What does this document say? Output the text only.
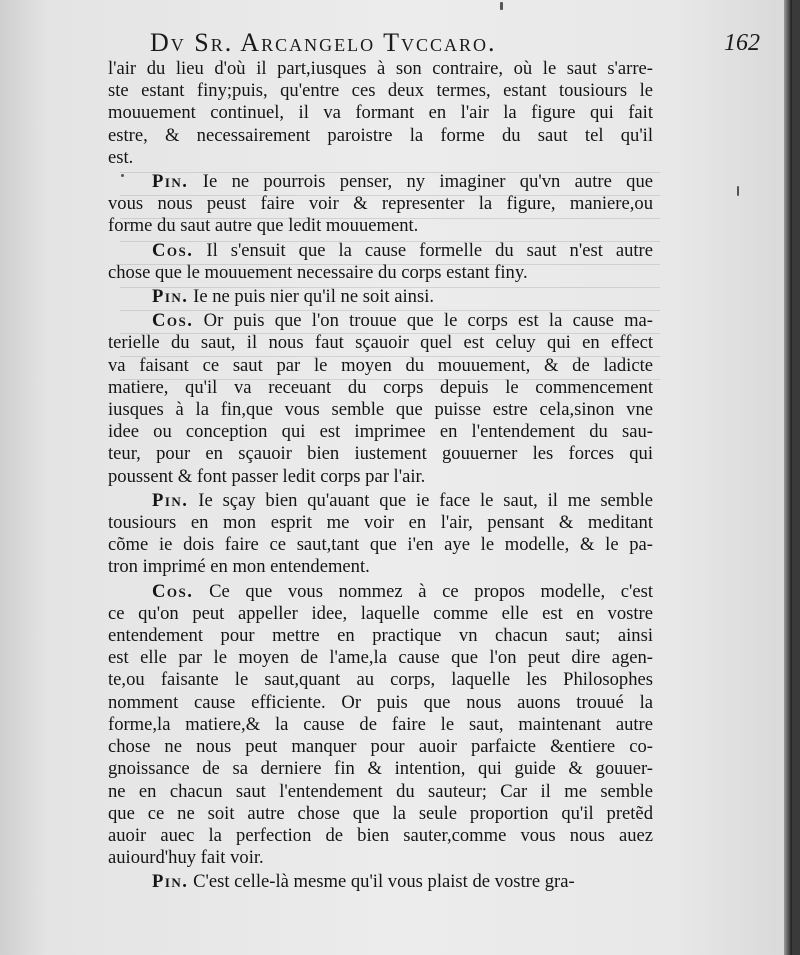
Dv Sr. Arcangelo Tvccaro.	162
l'air du lieu d'où il part,iusques à son contraire, où le saut s'arre-
ste estant finy;puis, qu'entre ces deux termes, estant tousiours le
mouuement continuel, il va formant en l'air la figure qui fait
estre, & necessairement paroistre la forme du saut tel qu'il
est.
Pin. Ie ne pourrois penser, ny imaginer qu'vn autre que
vous nous peust faire voir & representer la figure, maniere,ou
forme du saut autre que ledit mouuement.
Cos. Il s'ensuit que la cause formelle du saut n'est autre
chose que le mouuement necessaire du corps estant finy.
Pin. Ie ne puis nier qu'il ne soit ainsi.
Cos. Or puis que l'on trouue que le corps est la cause ma-
terielle du saut, il nous faut sçauoir quel est celuy qui en effect
va faisant ce saut par le moyen du mouuement, & de ladicte
matiere, qu'il va receuant du corps depuis le commencement
iusques à la fin,que vous semble que puisse estre cela,sinon vne
idee ou conception qui est imprimee en l'entendement du sau-
teur, pour en sçauoir bien iustement gouuerner les forces qui
poussent & font passer ledit corps par l'air.
Pin. Ie sçay bien qu'auant que ie face le saut, il me semble
tousiours en mon esprit me voir en l'air, pensant & meditant
cõme ie dois faire ce saut,tant que i'en aye le modelle, & le pa-
tron imprimé en mon entendement.
Cos. Ce que vous nommez à ce propos modelle, c'est
ce qu'on peut appeller idee, laquelle comme elle est en vostre
entendement pour mettre en practique vn chacun saut; ainsi
est elle par le moyen de l'ame,la cause que l'on peut dire agen-
te,ou faisante le saut,quant au corps, laquelle les Philosophes
nomment cause efficiente. Or puis que nous auons trouué la
forme,la matiere,& la cause de faire le saut, maintenant autre
chose ne nous peut manquer pour auoir parfaicte &entiere co-
gnoissance de sa derniere fin & intention, qui guide & gouuer-
ne en chacun saut l'entendement du sauteur; Car il me semble
que ce ne soit autre chose que la seule proportion qu'il pretẽd
auoir auec la perfection de bien sauter,comme vous nous auez
auiourd'huy fait voir.
Pin. C'est celle-là mesme qu'il vous plaist de vostre gra-
